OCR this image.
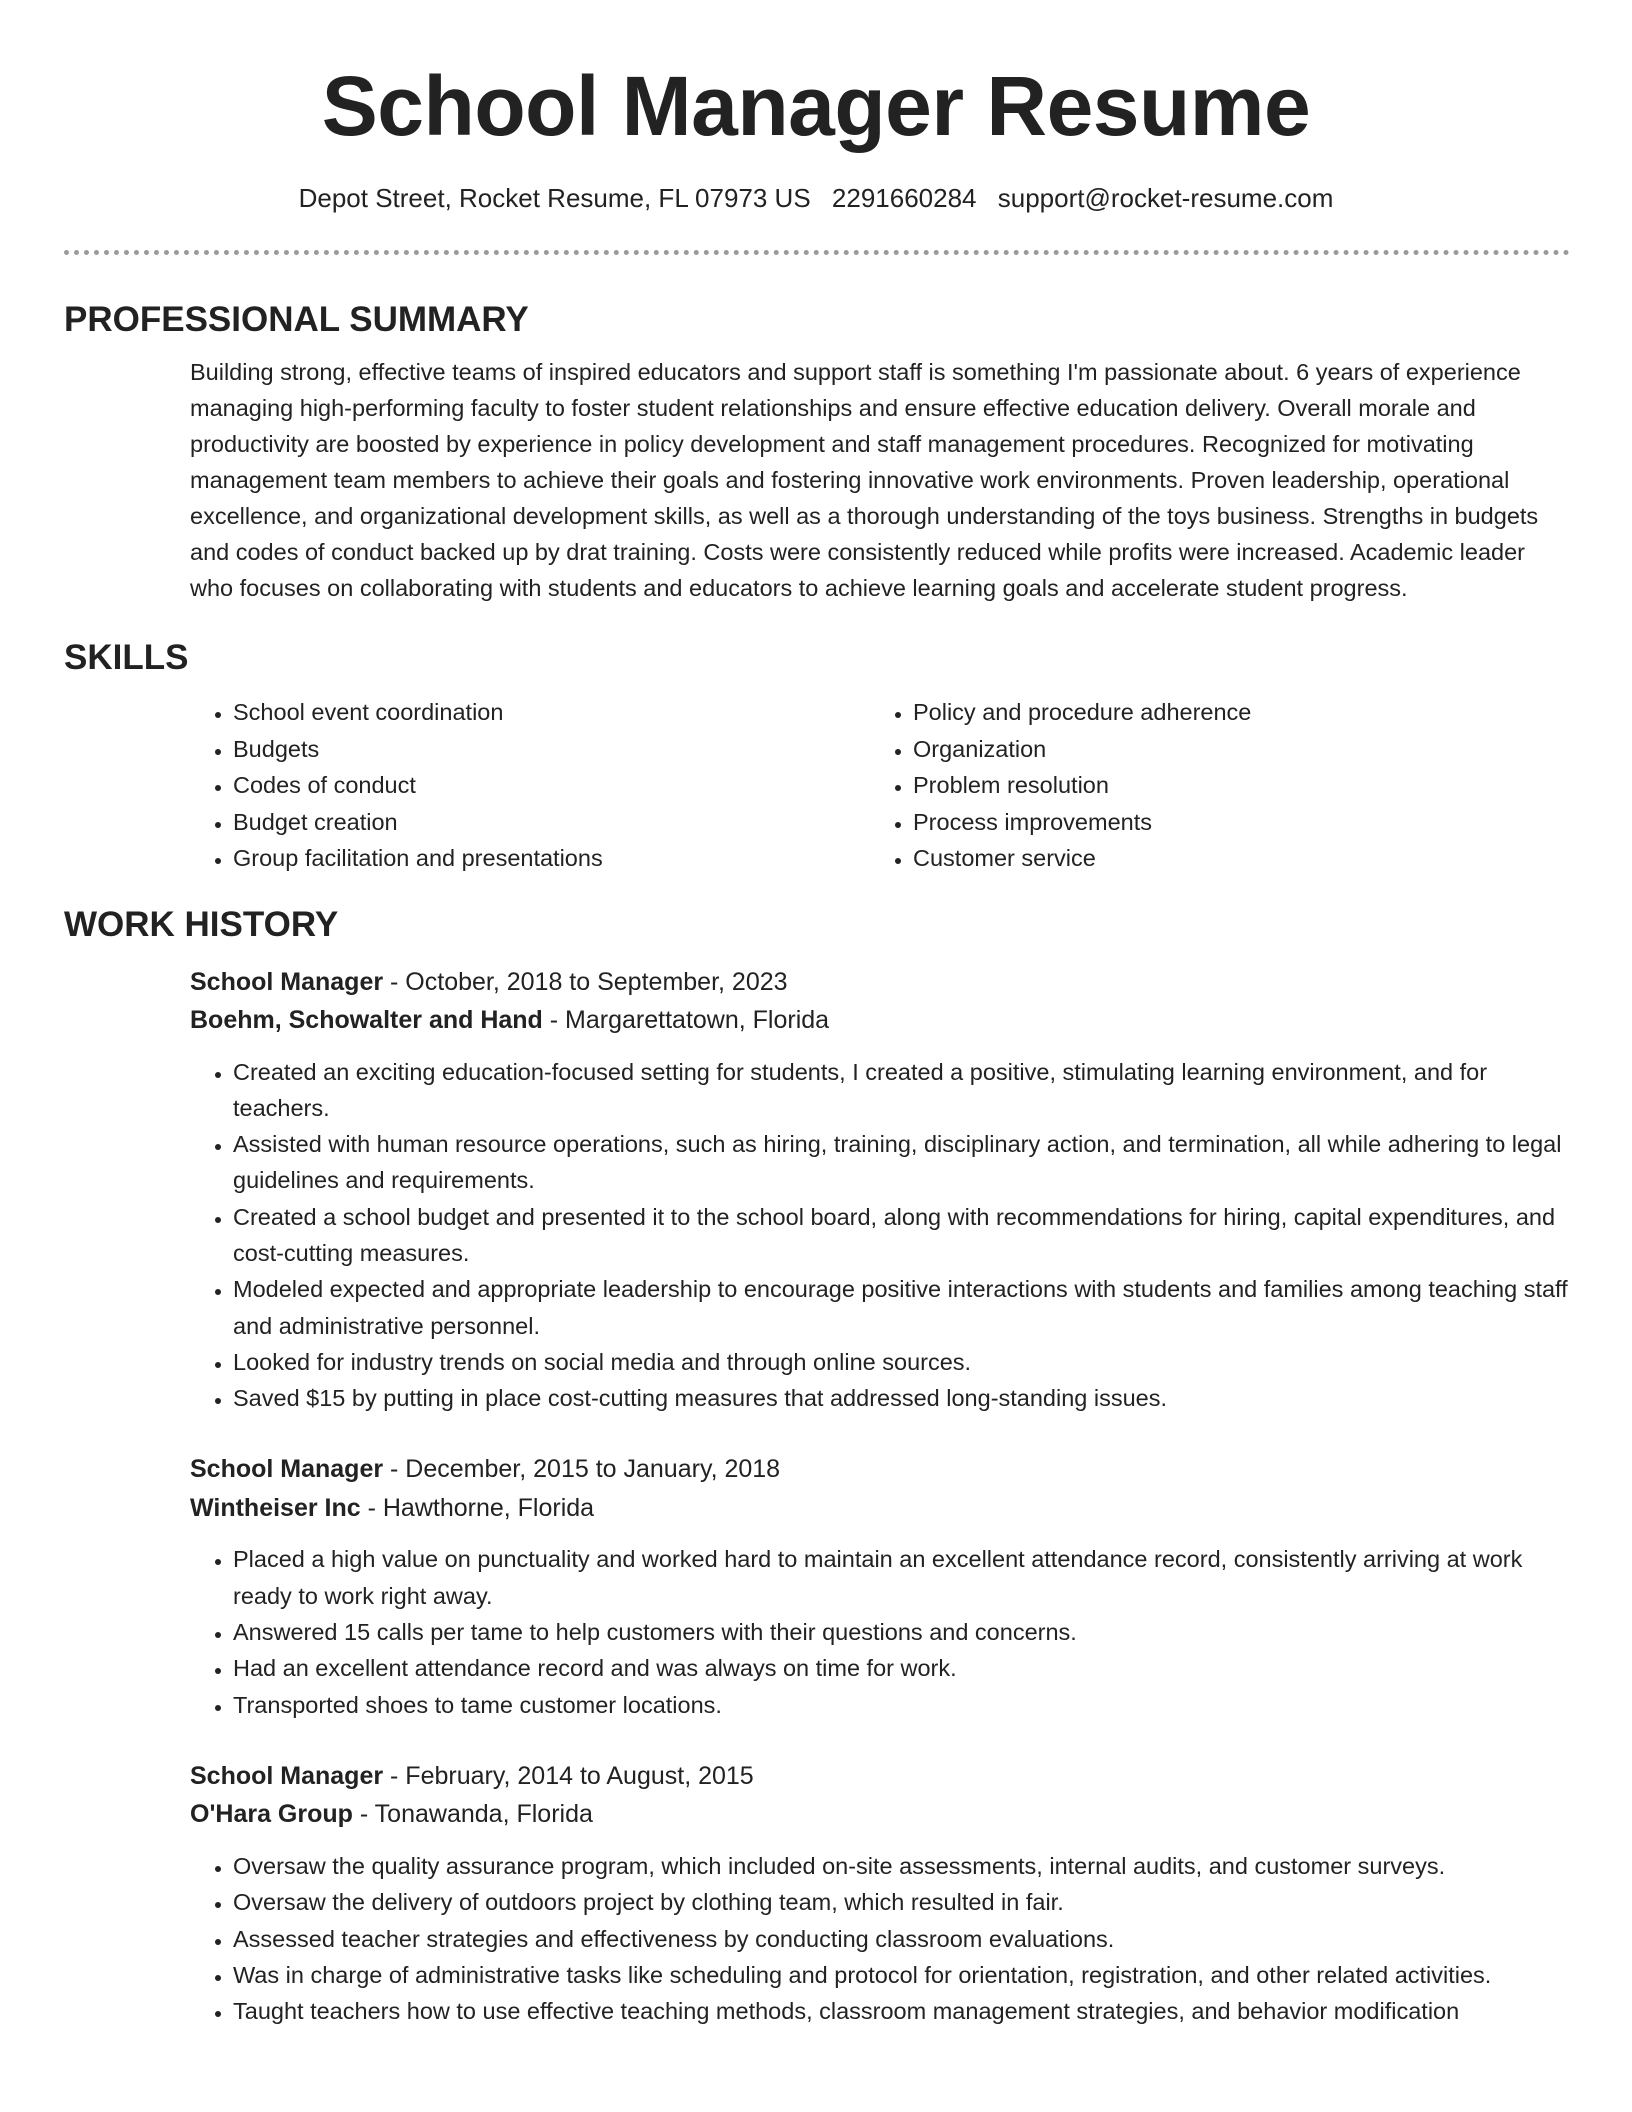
School Manager Resume
Depot Street, Rocket Resume, FL 07973 US 2291660284 support@rocket-resume.com
PROFESSIONAL SUMMARY
Building strong, effective teams of inspired educators and support staff is something I'm passionate about. 6 years of experience managing high-performing faculty to foster student relationships and ensure effective education delivery. Overall morale and productivity are boosted by experience in policy development and staff management procedures. Recognized for motivating management team members to achieve their goals and fostering innovative work environments. Proven leadership, operational excellence, and organizational development skills, as well as a thorough understanding of the toys business. Strengths in budgets and codes of conduct backed up by drat training. Costs were consistently reduced while profits were increased. Academic leader who focuses on collaborating with students and educators to achieve learning goals and accelerate student progress.
SKILLS
• School event coordination
• Budgets
• Codes of conduct
• Budget creation
• Group facilitation and presentations
• Policy and procedure adherence
• Organization
• Problem resolution
• Process improvements
• Customer service
WORK HISTORY
School Manager - October, 2018 to September, 2023
Boehm, Schowalter and Hand - Margarettatown, Florida
• Created an exciting education-focused setting for students, I created a positive, stimulating learning environment, and for teachers.
• Assisted with human resource operations, such as hiring, training, disciplinary action, and termination, all while adhering to legal guidelines and requirements.
• Created a school budget and presented it to the school board, along with recommendations for hiring, capital expenditures, and cost-cutting measures.
• Modeled expected and appropriate leadership to encourage positive interactions with students and families among teaching staff and administrative personnel.
• Looked for industry trends on social media and through online sources.
• Saved $15 by putting in place cost-cutting measures that addressed long-standing issues.
School Manager - December, 2015 to January, 2018
Wintheiser Inc - Hawthorne, Florida
• Placed a high value on punctuality and worked hard to maintain an excellent attendance record, consistently arriving at work ready to work right away.
• Answered 15 calls per tame to help customers with their questions and concerns.
• Had an excellent attendance record and was always on time for work.
• Transported shoes to tame customer locations.
School Manager - February, 2014 to August, 2015
O'Hara Group - Tonawanda, Florida
• Oversaw the quality assurance program, which included on-site assessments, internal audits, and customer surveys.
• Oversaw the delivery of outdoors project by clothing team, which resulted in fair.
• Assessed teacher strategies and effectiveness by conducting classroom evaluations.
• Was in charge of administrative tasks like scheduling and protocol for orientation, registration, and other related activities.
• Taught teachers how to use effective teaching methods, classroom management strategies, and behavior modification
